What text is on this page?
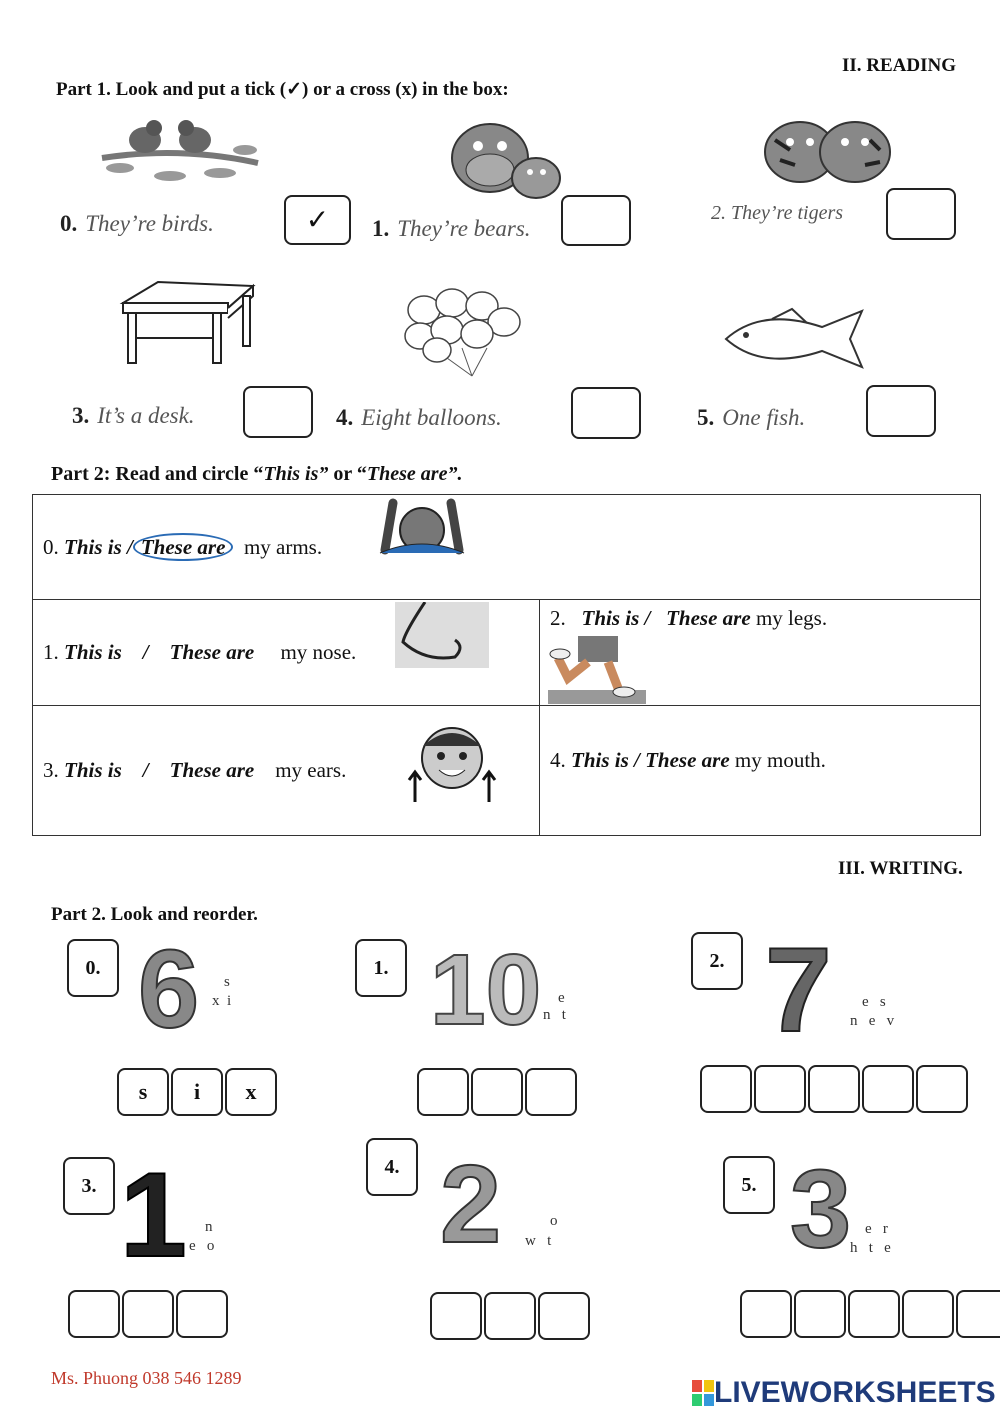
II. READING
Part 1. Look and put a tick (✓) or a cross (x) in the box:
0. They’re birds.	✓	1. They’re bears.
2. They’re tigers
3. It’s a desk.	4. Eight balloons.	5. One fish.
Part 2: Read and circle “This is” or “These are”.
0. This is / These are my arms.	

1. This is / These are my nose.	2. This is / These are my legs.

3. This is / These are my ears.	4. This is / These are my mouth.
III. WRITING.
Part 2. Look and reorder.
0. 6 s
x  i
s	i	x
1. 10 e
n   t
2. 7 e   s
n   e   v
3. 1 n
e   o
4. 2	o
w   t
5. 3 e   r
h   t   e
Ms. Phuong 038 546 1289	LIVEWORKSHEETS
